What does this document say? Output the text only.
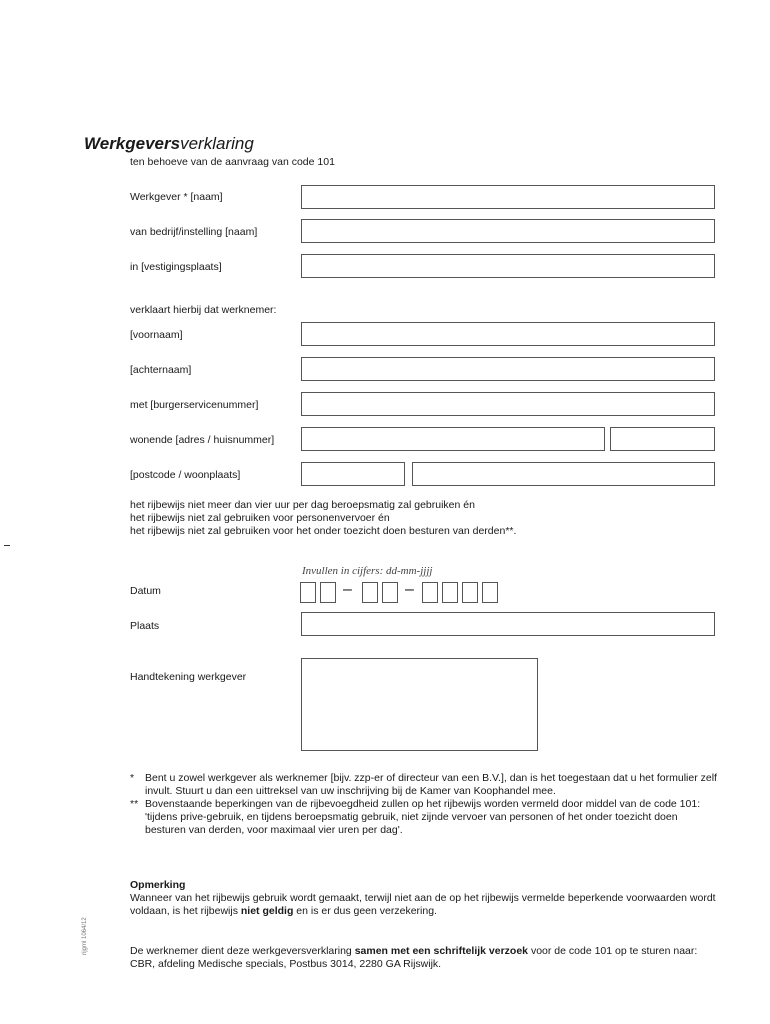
Werkgeversverklaring
ten behoeve van de aanvraag van code 101
Werkgever * [naam]
van bedrijf/instelling [naam]
in [vestigingsplaats]
verklaart hierbij dat werknemer:
[voornaam]
[achternaam]
met [burgerservicenummer]
wonende [adres / huisnummer]
[postcode / woonplaats]
het rijbewijs niet meer dan vier uur per dag beroepsmatig zal gebruiken én
het rijbewijs niet zal gebruiken voor personenvervoer én
het rijbewijs niet zal gebruiken voor het onder toezicht doen besturen van derden**.
Invullen in cijfers: dd-mm-jjjj
Datum	–	–
Plaats
Handtekening werkgever

* Bent u zowel werkgever als werknemer [bijv. zzp-er of directeur van een B.V.], dan is het toegestaan dat u het formulier zelf invult. Stuurt u dan een uittreksel van uw inschrijving bij de Kamer van Koophandel mee.

** Bovenstaande beperkingen van de rijbevoegdheid zullen op het rijbewijs worden vermeld door middel van de code 101: 'tijdens prive-gebruik, en tijdens beroepsmatig gebruik, niet zijnde vervoer van personen of het onder toezicht doen besturen van derden, voor maximaal vier uren per dag'.

Opmerking
Wanneer van het rijbewijs gebruik wordt gemaakt, terwijl niet aan de op het rijbewijs vermelde beperkende voorwaarden wordt voldaan, is het rijbewijs niet geldig en is er dus geen verzekering.
De werknemer dient deze werkgeversverklaring samen met een schriftelijk verzoek voor de code 101 op te sturen naar: CBR, afdeling Medische specials, Postbus 3014, 2280 GA Rijswijk.
rijgml 1064/12
